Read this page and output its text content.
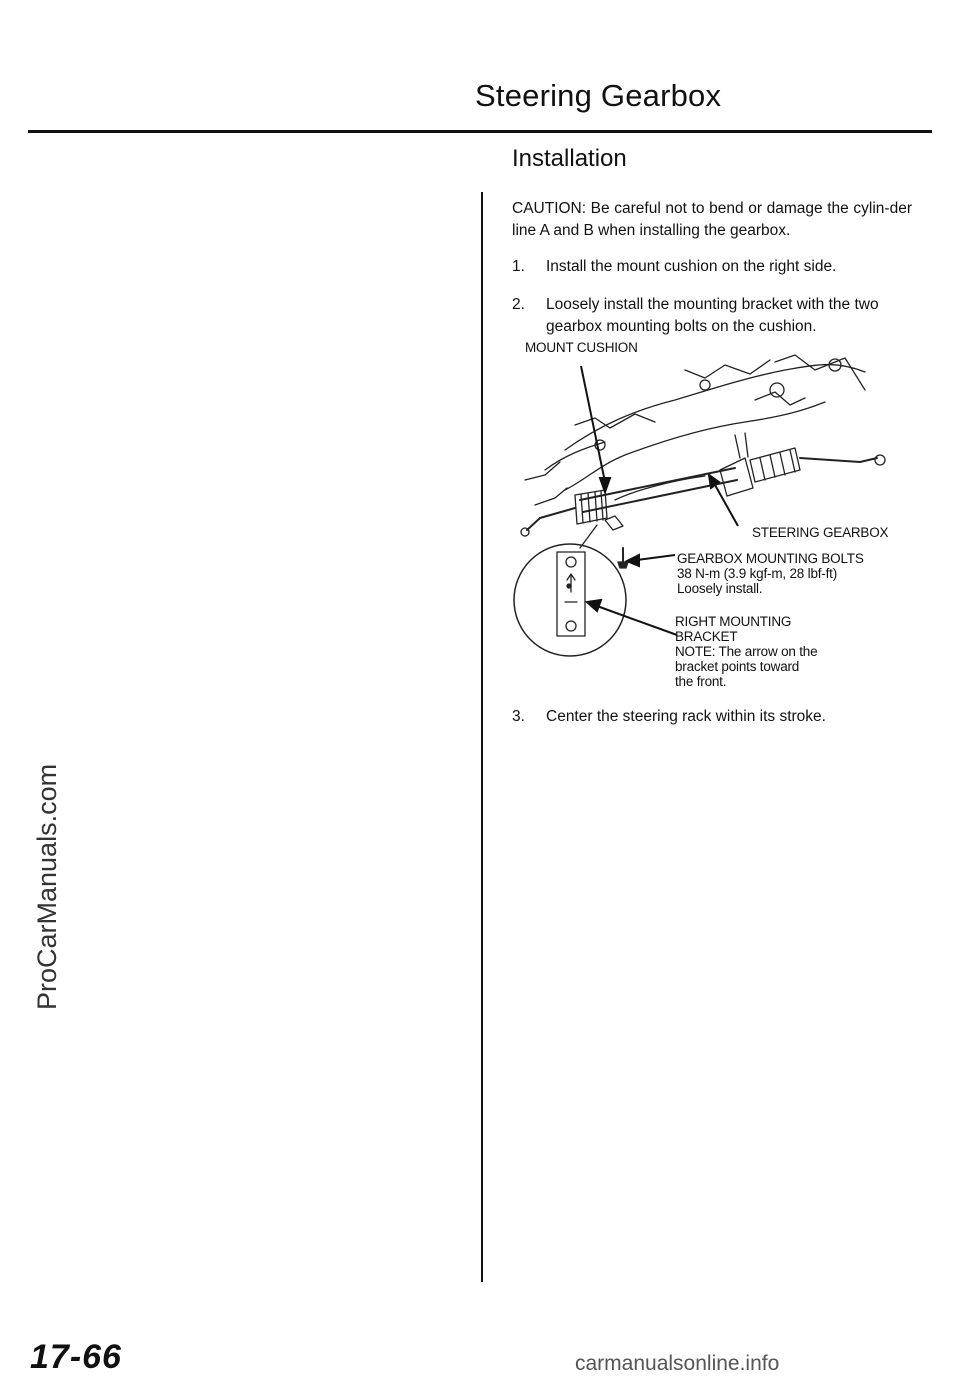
Steering Gearbox
Installation
CAUTION: Be careful not to bend or damage the cylin-der line A and B when installing the gearbox.
1. Install the mount cushion on the right side.
2. Loosely install the mounting bracket with the two
gearbox mounting bolts on the cushion.
MOUNT CUSHION
STEERING GEARBOX
GEARBOX MOUNTING BOLTS
38 N-m (3.9 kgf-m, 28 lbf-ft)
Loosely install.
RIGHT MOUNTING
BRACKET
NOTE: The arrow on the
bracket points toward
the front.
3. Center the steering rack within its stroke.
ProCarManuals.com
17-66	carmanualsonline.info
